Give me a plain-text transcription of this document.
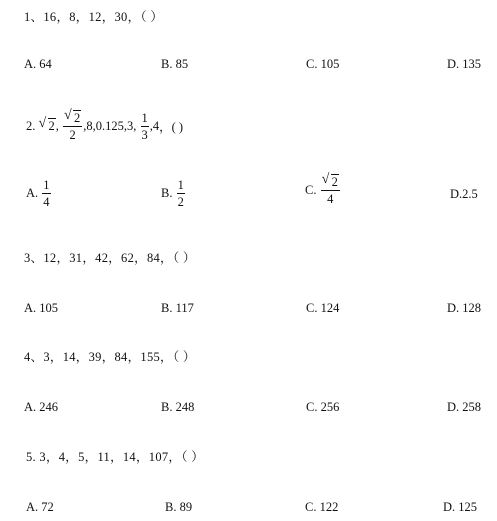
1、16，8，12，30，（ ）
A. 64	B. 85	C. 105	D. 135
2. √ 2, $\frac{√ 2}{2} ,8,0.125,3$, $\frac{1}{3} ,4$，( )
A. $\frac{1}{4}$	B. $\frac{1}{2}$	C. $\frac{√ 2}{4}$	D.2.5
3、12，31，42，62，84，（ ）
A. 105	B. 117	C. 124	D. 128
4、3，14，39，84，155，（ ）
A. 246	B. 248	C. 256	D. 258
5. 3，4，5，11，14，107，（ ）
A. 72	B. 89	C. 122	D. 125
